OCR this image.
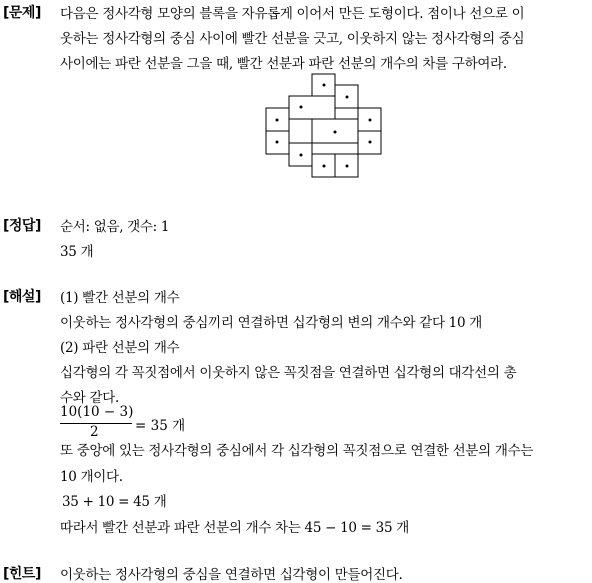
[문제] 다음은 정사각형 모양의 블록을 자유롭게 이어서 만든 도형이다. 점이나 선으로 이
웃하는 정사각형의 중심 사이에 빨간 선분을 긋고, 이웃하지 않는 정사각형의 중심
사이에는 파란 선분을 그을 때, 빨간 선분과 파란 선분의 개수의 차를 구하여라.
[정답] 순서: 없음, 갯수: 1
35 개
[해설] (1) 빨간 선분의 개수
이웃하는 정사각형의 중심끼리 연결하면 십각형의 변의 개수와 같다 10 개
(2) 파란 선분의 개수
십각형의 각 꼭짓점에서 이웃하지 않은 꼭짓점을 연결하면 십각형의 대각선의 총
수와 같다.
10(10 − 3)
2	= 35 개
또 중앙에 있는 정사각형의 중심에서 각 십각형의 꼭짓점으로 연결한 선분의 개수는
10 개이다.
35 + 10 = 45 개
따라서 빨간 선분과 파란 선분의 개수 차는 45 − 10 = 35 개
[힌트] 이웃하는 정사각형의 중심을 연결하면 십각형이 만들어진다.
